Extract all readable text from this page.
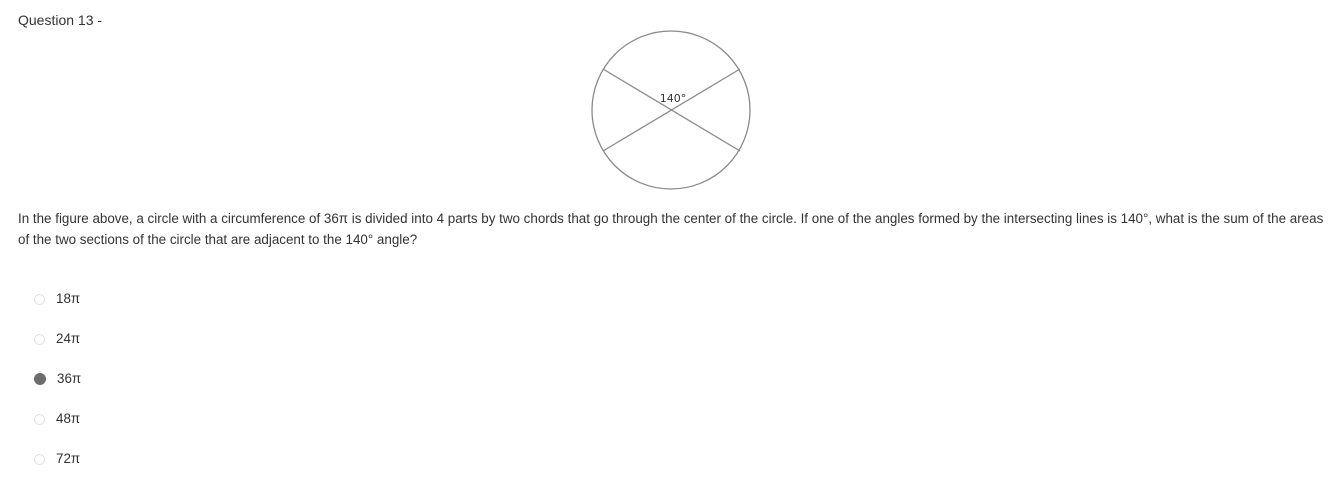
Question 13 -
140°
In the figure above, a circle with a circumference of 36π is divided into 4 parts by two chords that go through the center of the circle. If one of the angles formed by the intersecting lines is 140°, what is the sum of the areas of the two sections of the circle that are adjacent to the 140° angle?
18π
24π
36π
48π
72π
